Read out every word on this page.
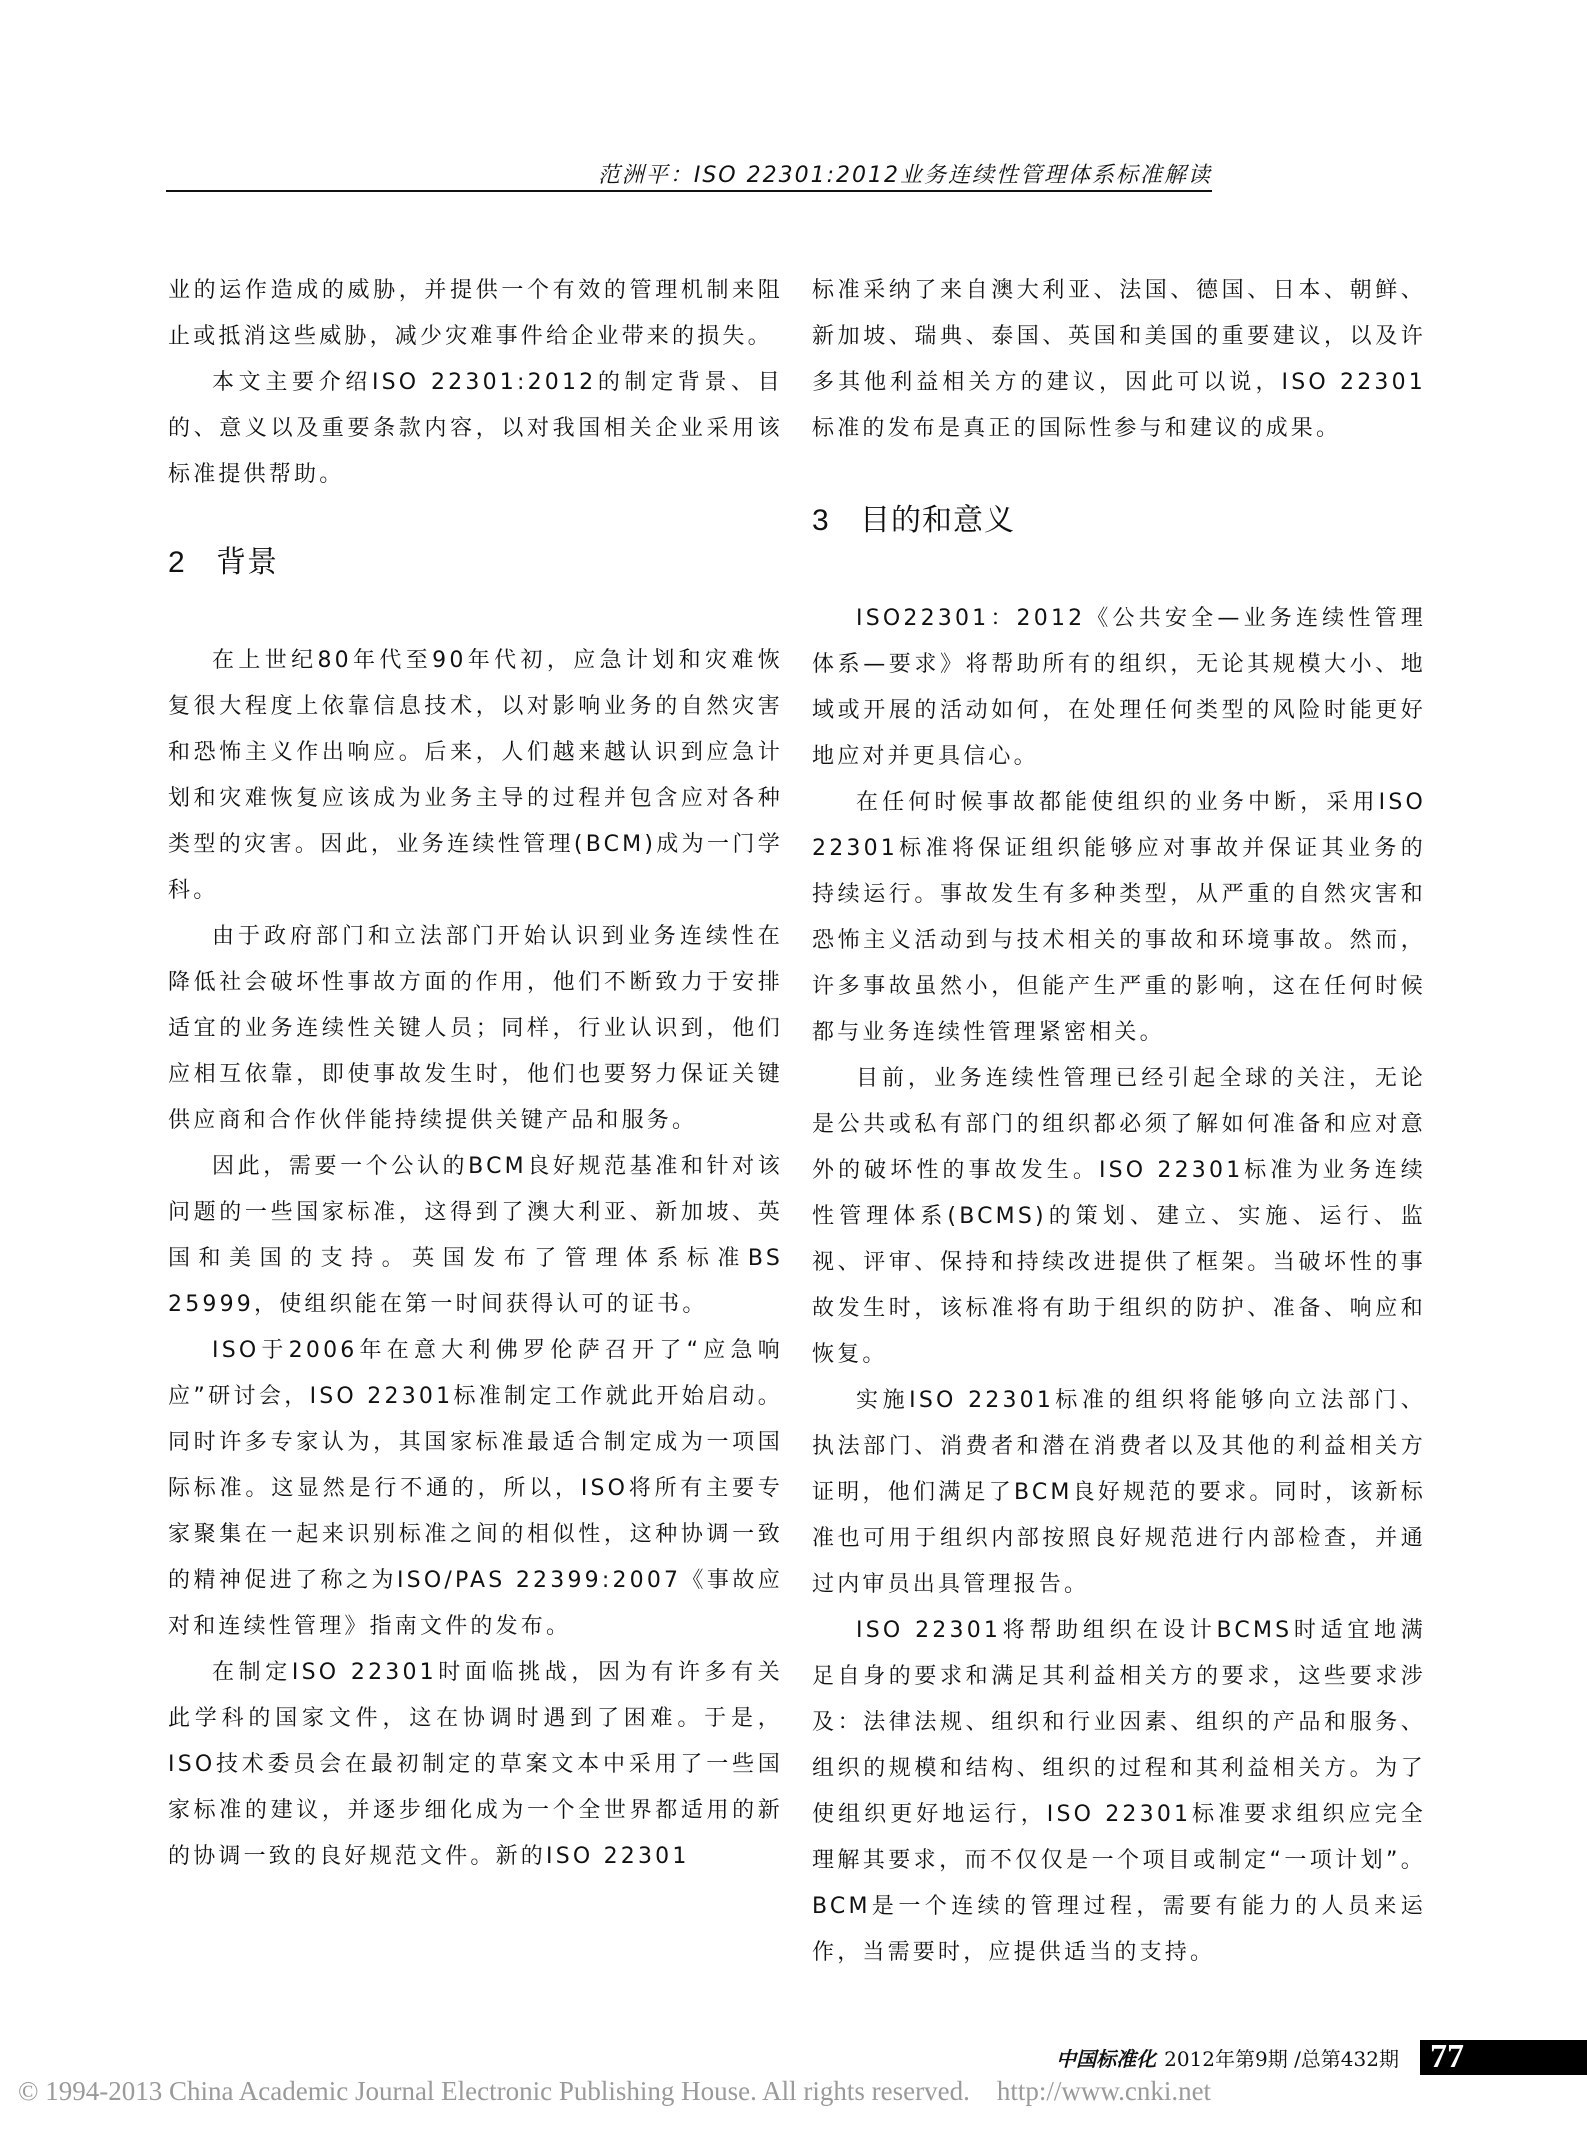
范洲平：ISO 22301:2012业务连续性管理体系标准解读

业的运作造成的威胁，并提供一个有效的管理机制来阻止或抵消这些威胁，减少灾难事件给企业带来的损失。

本文主要介绍ISO 22301:2012的制定背景、目的、意义以及重要条款内容，以对我国相关企业采用该标准提供帮助。

2 背景

在上世纪80年代至90年代初，应急计划和灾难恢复很大程度上依靠信息技术，以对影响业务的自然灾害和恐怖主义作出响应。后来，人们越来越认识到应急计划和灾难恢复应该成为业务主导的过程并包含应对各种类型的灾害。因此，业务连续性管理(BCM)成为一门学科。

由于政府部门和立法部门开始认识到业务连续性在降低社会破坏性事故方面的作用，他们不断致力于安排适宜的业务连续性关键人员；同样，行业认识到，他们应相互依靠，即使事故发生时，他们也要努力保证关键供应商和合作伙伴能持续提供关键产品和服务。

因此，需要一个公认的BCM良好规范基准和针对该问题的一些国家标准，这得到了澳大利亚、新加坡、英国和美国的支持。英国发布了管理体系标准BS 25999，使组织能在第一时间获得认可的证书。

ISO于2006年在意大利佛罗伦萨召开了“应急响应”研讨会，ISO 22301标准制定工作就此开始启动。同时许多专家认为，其国家标准最适合制定成为一项国际标准。这显然是行不通的，所以，ISO将所有主要专家聚集在一起来识别标准之间的相似性，这种协调一致的精神促进了称之为ISO/PAS 22399:2007《事故应对和连续性管理》指南文件的发布。

在制定ISO 22301时面临挑战，因为有许多有关此学科的国家文件，这在协调时遇到了困难。于是，ISO技术委员会在最初制定的草案文本中采用了一些国家标准的建议，并逐步细化成为一个全世界都适用的新的协调一致的良好规范文件。新的ISO 22301

标准采纳了来自澳大利亚、法国、德国、日本、朝鲜、新加坡、瑞典、泰国、英国和美国的重要建议，以及许多其他利益相关方的建议，因此可以说，ISO 22301标准的发布是真正的国际性参与和建议的成果。

3 目的和意义

ISO22301：2012《公共安全—业务连续性管理体系—要求》将帮助所有的组织，无论其规模大小、地域或开展的活动如何，在处理任何类型的风险时能更好地应对并更具信心。

在任何时候事故都能使组织的业务中断，采用ISO 22301标准将保证组织能够应对事故并保证其业务的持续运行。事故发生有多种类型，从严重的自然灾害和恐怖主义活动到与技术相关的事故和环境事故。然而，许多事故虽然小，但能产生严重的影响，这在任何时候都与业务连续性管理紧密相关。

目前，业务连续性管理已经引起全球的关注，无论是公共或私有部门的组织都必须了解如何准备和应对意外的破坏性的事故发生。ISO 22301标准为业务连续性管理体系(BCMS)的策划、建立、实施、运行、监视、评审、保持和持续改进提供了框架。当破坏性的事故发生时，该标准将有助于组织的防护、准备、响应和恢复。

实施ISO 22301标准的组织将能够向立法部门、执法部门、消费者和潜在消费者以及其他的利益相关方证明，他们满足了BCM良好规范的要求。同时，该新标准也可用于组织内部按照良好规范进行内部检查，并通过内审员出具管理报告。

ISO 22301将帮助组织在设计BCMS时适宜地满足自身的要求和满足其利益相关方的要求，这些要求涉及：法律法规、组织和行业因素、组织的产品和服务、组织的规模和结构、组织的过程和其利益相关方。为了使组织更好地运行，ISO 22301标准要求组织应完全理解其要求，而不仅仅是一个项目或制定“一项计划”。BCM是一个连续的管理过程，需要有能力的人员来运作，当需要时，应提供适当的支持。

中国标准化 2012年第9期 /总第432期 77
© 1994-2013 China Academic Journal Electronic Publishing House. All rights reserved.    http://www.cnki.net
